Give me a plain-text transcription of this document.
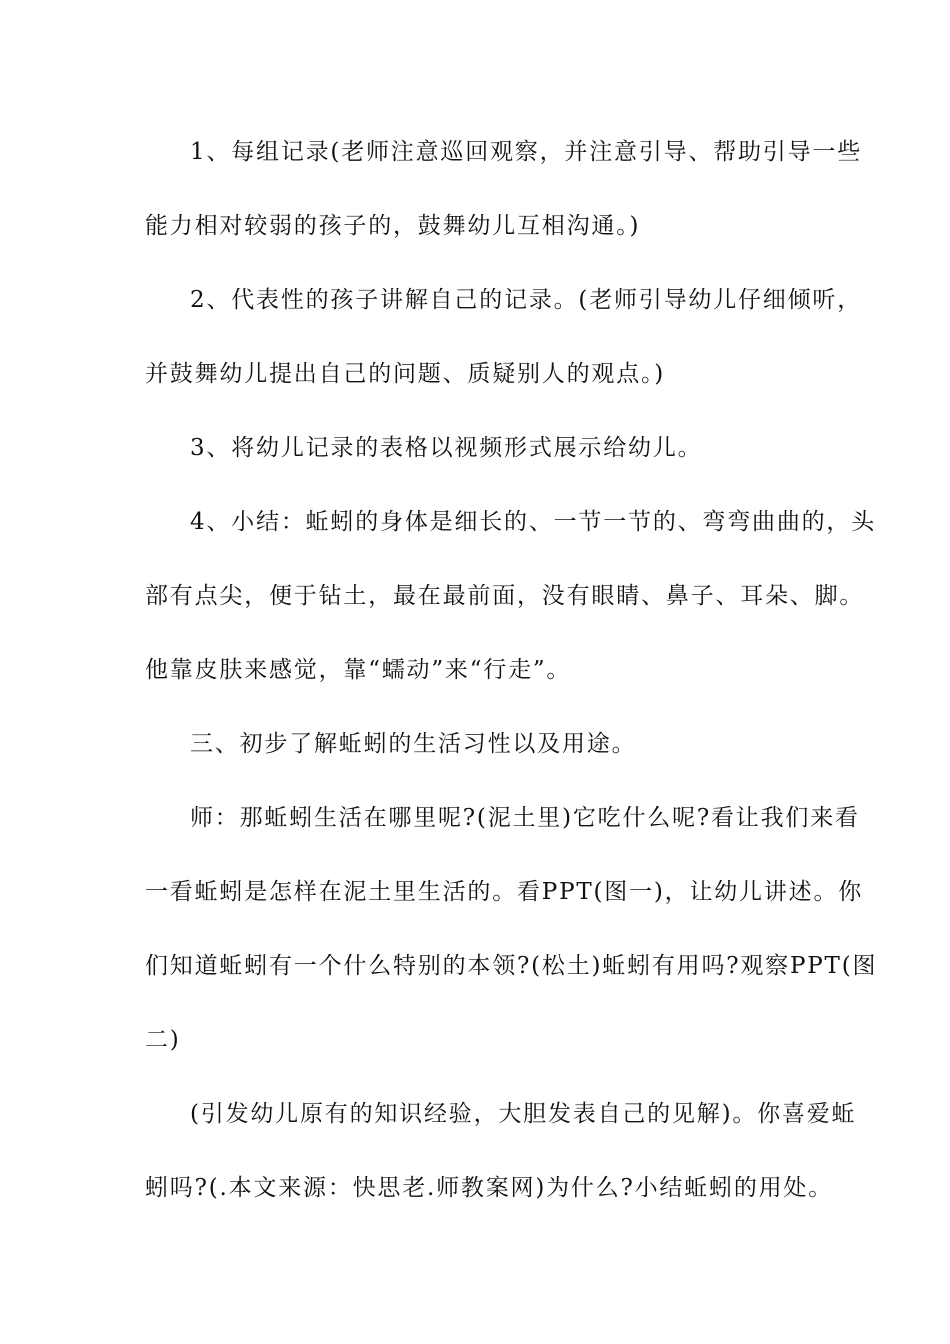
1、每组记录(老师注意巡回观察，并注意引导、帮助引导一些
能力相对较弱的孩子的，鼓舞幼儿互相沟通。)
2、代表性的孩子讲解自己的记录。(老师引导幼儿仔细倾听，
并鼓舞幼儿提出自己的问题、质疑别人的观点。)
3、将幼儿记录的表格以视频形式展示给幼儿。
4、小结：蚯蚓的身体是细长的、一节一节的、弯弯曲曲的，头
部有点尖，便于钻土，最在最前面，没有眼睛、鼻子、耳朵、脚。
他靠皮肤来感觉，靠“蠕动”来“行走”。
三、初步了解蚯蚓的生活习性以及用途。
师：那蚯蚓生活在哪里呢?(泥土里)它吃什么呢?看让我们来看
一看蚯蚓是怎样在泥土里生活的。看PPT(图一)，让幼儿讲述。你
们知道蚯蚓有一个什么特别的本领?(松土)蚯蚓有用吗?观察PPT(图
二)
(引发幼儿原有的知识经验，大胆发表自己的见解)。你喜爱蚯
蚓吗?(.本文来源：快思老.师教案网)为什么?小结蚯蚓的用处。
